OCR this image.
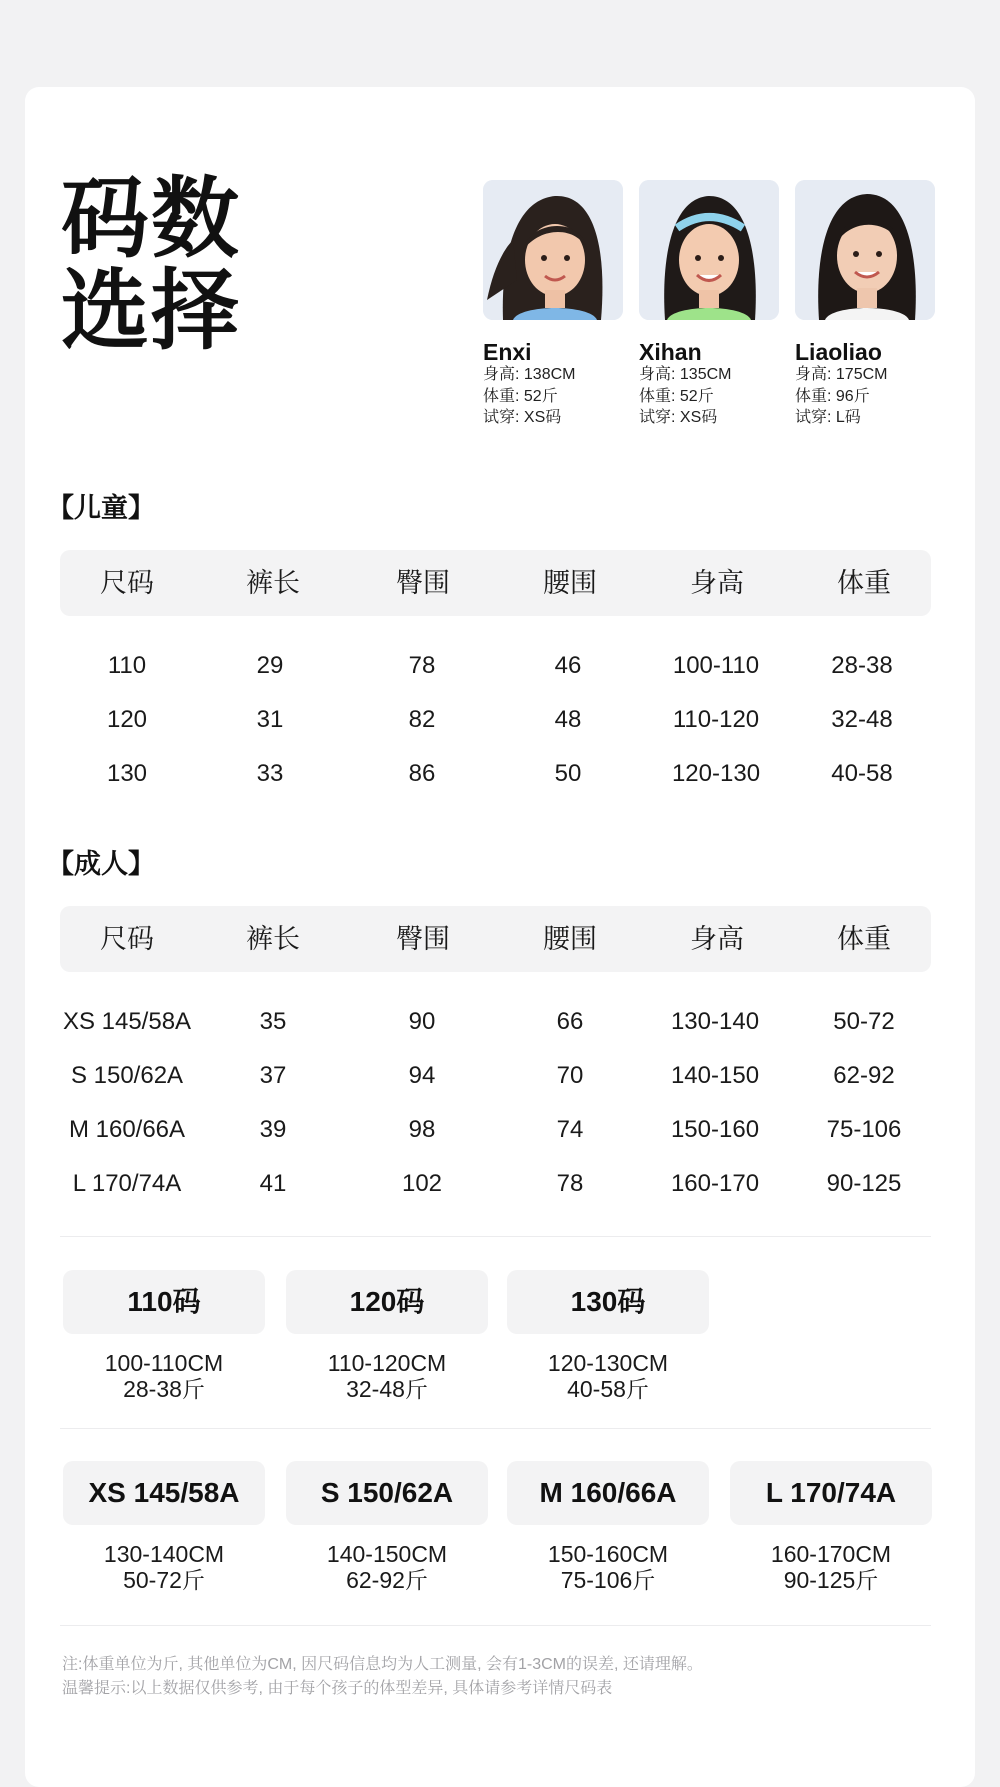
码数
选择	Enxi
身高: 138CM
体重: 52斤
试穿: XS码
Xihan
身高: 135CM
体重: 52斤
试穿: XS码
Liaoliao
身高: 175CM
体重: 96斤
试穿: L码
【儿童】
尺码	裤长	臀围	腰围	身高	体重
110	29	78	46	100-110	28-38
120	31	82	48	110-120	32-48
130	33	86	50	120-130	40-58
【成人】
尺码	裤长	臀围	腰围	身高	体重
XS 145/58A	35	90	66	130-140	50-72
S 150/62A	37	94	70	140-150	62-92
M 160/66A	39	98	74	150-160	75-106
L 170/74A	41	102	78	160-170	90-125
110码
100-110CM
28-38斤
120码
110-120CM
32-48斤
130码
120-130CM
40-58斤
XS 145/58A
130-140CM
50-72斤
S 150/62A
140-150CM
62-92斤
M 160/66A
150-160CM
75-106斤
L 170/74A
160-170CM
90-125斤
注:体重单位为斤, 其他单位为CM, 因尺码信息均为人工测量, 会有1-3CM的误差, 还请理解。
温馨提示:以上数据仅供参考, 由于每个孩子的体型差异, 具体请参考详情尺码表
